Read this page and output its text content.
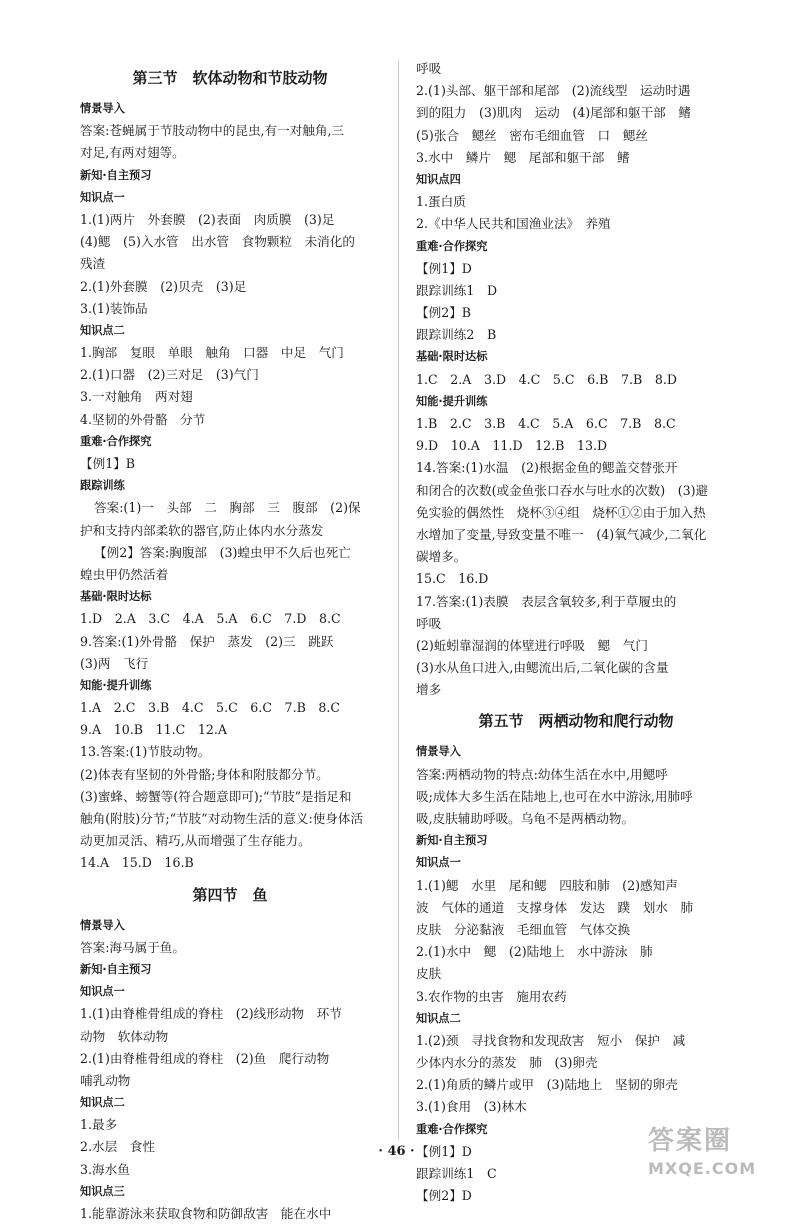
第三节　软体动物和节肢动物
情景导入
答案:苍蝇属于节肢动物中的昆虫,有一对触角,三
对足,有两对翅等。
新知·自主预习
知识点一
1.(1)两片　外套膜　(2)表面　肉质膜　(3)足
(4)鳃　(5)入水管　出水管　食物颗粒　未消化的
残渣
2.(1)外套膜　(2)贝壳　(3)足
3.(1)装饰品
知识点二
1.胸部　复眼　单眼　触角　口器　中足　气门
2.(1)口器　(2)三对足　(3)气门
3.一对触角　两对翅
4.坚韧的外骨骼　分节
重难·合作探究
【例1】B
跟踪训练
答案:(1)一　头部　二　胸部　三　腹部　(2)保
护和支持内部柔软的器官,防止体内水分蒸发
【例2】答案:胸腹部　(3)蝗虫甲不久后也死亡
蝗虫甲仍然活着
基础·限时达标
1.D　2.A　3.C　4.A　5.A　6.C　7.D　8.C
9.答案:(1)外骨骼　保护　蒸发　(2)三　跳跃
(3)两　飞行
知能·提升训练
1.A　2.C　3.B　4.C　5.C　6.C　7.B　8.C
9.A　10.B　11.C　12.A
13.答案:(1)节肢动物。
(2)体表有坚韧的外骨骼;身体和附肢都分节。
(3)蜜蜂、螃蟹等(符合题意即可);“节肢”是指足和
触角(附肢)分节;“节肢”对动物生活的意义:使身体活
动更加灵活、精巧,从而增强了生存能力。
14.A　15.D　16.B
第四节　鱼
情景导入
答案:海马属于鱼。
新知·自主预习
知识点一
1.(1)由脊椎骨组成的脊柱　(2)线形动物　环节
动物　软体动物
2.(1)由脊椎骨组成的脊柱　(2)鱼　爬行动物
哺乳动物
知识点二
1.最多
2.水层　食性
3.海水鱼
知识点三
1.能靠游泳来获取食物和防御敌害　能在水中
呼吸
2.(1)头部、躯干部和尾部　(2)流线型　运动时遇
到的阻力　(3)肌肉　运动　(4)尾部和躯干部　鳍
(5)张合　鳃丝　密布毛细血管　口　鳃丝
3.水中　鳞片　鳃　尾部和躯干部　鳍
知识点四
1.蛋白质
2.《中华人民共和国渔业法》　养殖
重难·合作探究
【例1】D
跟踪训练1　D
【例2】B
跟踪训练2　B
基础·限时达标
1.C　2.A　3.D　4.C　5.C　6.B　7.B　8.D
知能·提升训练
1.B　2.C　3.B　4.C　5.A　6.C　7.B　8.C
9.D　10.A　11.D　12.B　13.D
14.答案:(1)水温　(2)根据金鱼的鳃盖交替张开
和闭合的次数(或金鱼张口吞水与吐水的次数)　(3)避
免实验的偶然性　烧杯③④组　烧杯①②由于加入热
水增加了变量,导致变量不唯一　(4)氧气减少,二氧化
碳增多。
15.C　16.D
17.答案:(1)表膜　表层含氧较多,利于草履虫的
呼吸
(2)蚯蚓靠湿润的体壁进行呼吸　鳃　气门
(3)水从鱼口进入,由鳃流出后,二氧化碳的含量
增多
第五节　两栖动物和爬行动物
情景导入
答案:两栖动物的特点:幼体生活在水中,用鳃呼
吸;成体大多生活在陆地上,也可在水中游泳,用肺呼
吸,皮肤辅助呼吸。乌龟不是两栖动物。
新知·自主预习
知识点一
1.(1)鳃　水里　尾和鳃　四肢和肺　(2)感知声
波　气体的通道　支撑身体　发达　蹼　划水　肺
皮肤　分泌黏液　毛细血管　气体交换
2.(1)水中　鳃　(2)陆地上　水中游泳　肺
皮肤
3.农作物的虫害　施用农药
知识点二
1.(2)颈　寻找食物和发现敌害　短小　保护　减
少体内水分的蒸发　肺　(3)卵壳
2.(1)角质的鳞片或甲　(3)陆地上　坚韧的卵壳
3.(1)食用　(3)林木
重难·合作探究
【例1】D
跟踪训练1　C
【例2】D
· 46 ·	答案圈
MXQE.COM
